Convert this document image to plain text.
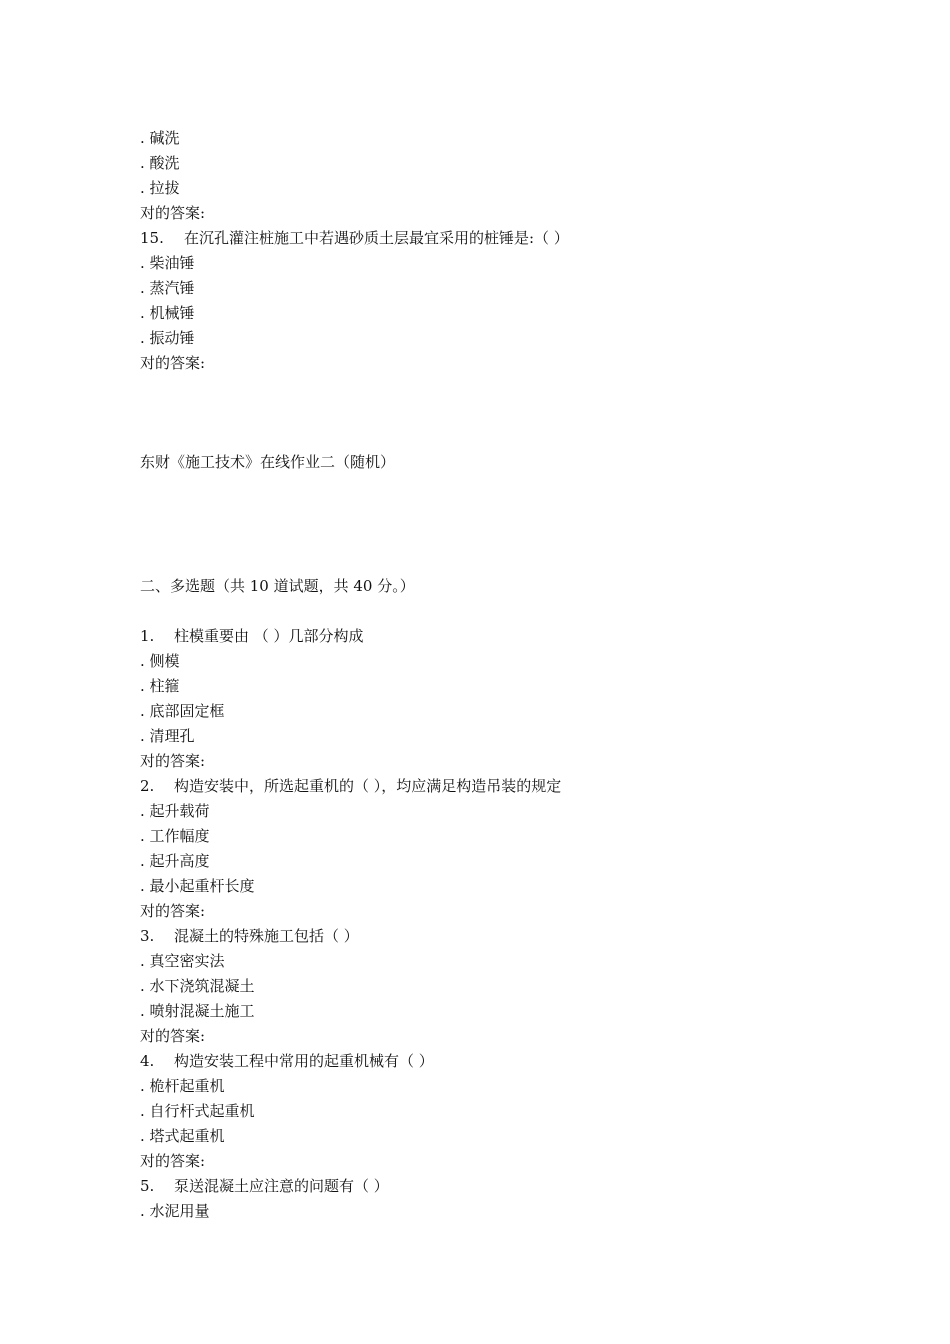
. 碱洗
. 酸洗
. 拉拔
对的答案:
15. 在沉孔灌注桩施工中若遇砂质土层最宜采用的桩锤是:（ ）
. 柴油锤
. 蒸汽锤
. 机械锤
. 振动锤
对的答案:
东财《施工技术》在线作业二（随机）
二、多选题（共 10 道试题，共 40 分。）
1. 柱模重要由 （ ）几部分构成
. 侧模
. 柱箍
. 底部固定框
. 清理孔
对的答案:
2. 构造安装中，所选起重机的（ ），均应满足构造吊装的规定
. 起升载荷
. 工作幅度
. 起升高度
. 最小起重杆长度
对的答案:
3. 混凝土的特殊施工包括（ ）
. 真空密实法
. 水下浇筑混凝土
. 喷射混凝土施工
对的答案:
4. 构造安装工程中常用的起重机械有（ ）
. 桅杆起重机
. 自行杆式起重机
. 塔式起重机
对的答案:
5. 泵送混凝土应注意的问题有（ ）
. 水泥用量
